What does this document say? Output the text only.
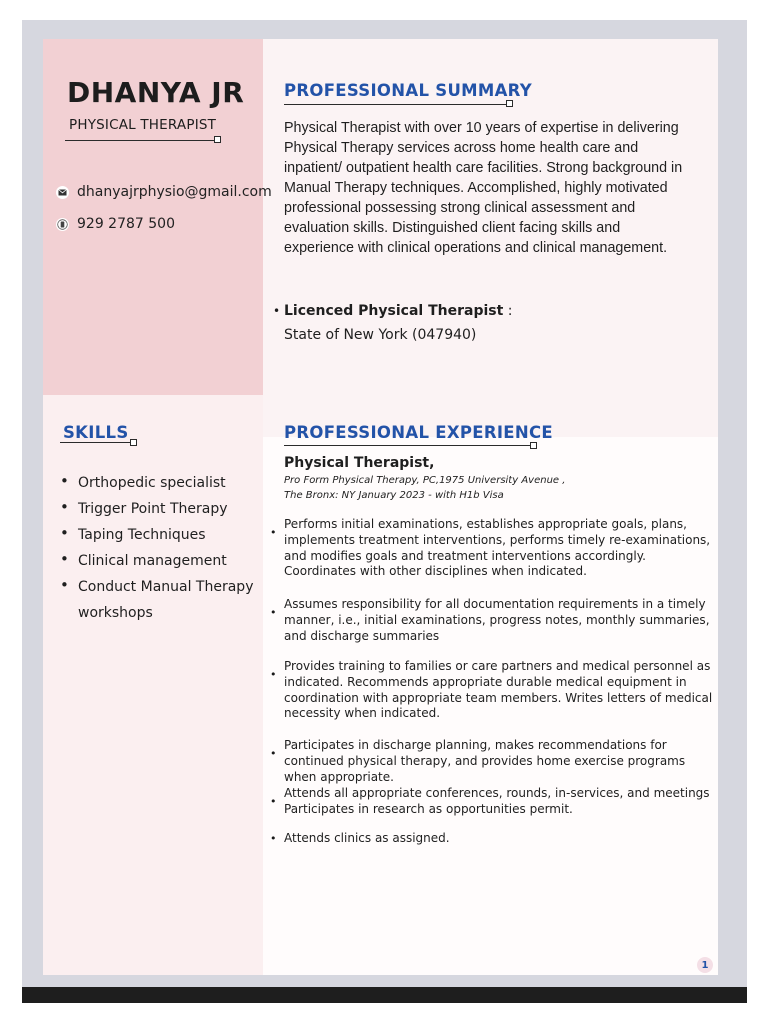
DHANYA JR
PHYSICAL THERAPIST
dhanyajrphysio@gmail.com
929 2787 500
PROFESSIONAL SUMMARY
Physical Therapist with over 10 years of expertise in delivering Physical Therapy services across home health care and inpatient/ outpatient health care facilities. Strong background in Manual Therapy techniques. Accomplished, highly motivated professional possessing strong clinical assessment and evaluation skills. Distinguished client facing skills and experience with clinical operations and clinical management.
• Licenced Physical Therapist :
State of New York (047940)
SKILLS
• Orthopedic specialist
• Trigger Point Therapy
• Taping Techniques
• Clinical management
• Conduct Manual Therapy workshops
PROFESSIONAL EXPERIENCE
Physical Therapist,
Pro Form Physical Therapy, PC,1975 University Avenue ,
The Bronx: NY January 2023 - with H1b Visa
•
Performs initial examinations, establishes appropriate goals, plans, implements treatment interventions, performs timely re-examinations, and modifies goals and treatment interventions accordingly. Coordinates with other disciplines when indicated.
•
Assumes responsibility for all documentation requirements in a timely manner, i.e., initial examinations, progress notes, monthly summaries, and discharge summaries
•
Provides training to families or care partners and medical personnel as indicated. Recommends appropriate durable medical equipment in coordination with appropriate team members. Writes letters of medical necessity when indicated.
•
Participates in discharge planning, makes recommendations for continued physical therapy, and provides home exercise programs when appropriate.
•
Attends all appropriate conferences, rounds, in-services, and meetings Participates in research as opportunities permit.
• Attends clinics as assigned.
1
